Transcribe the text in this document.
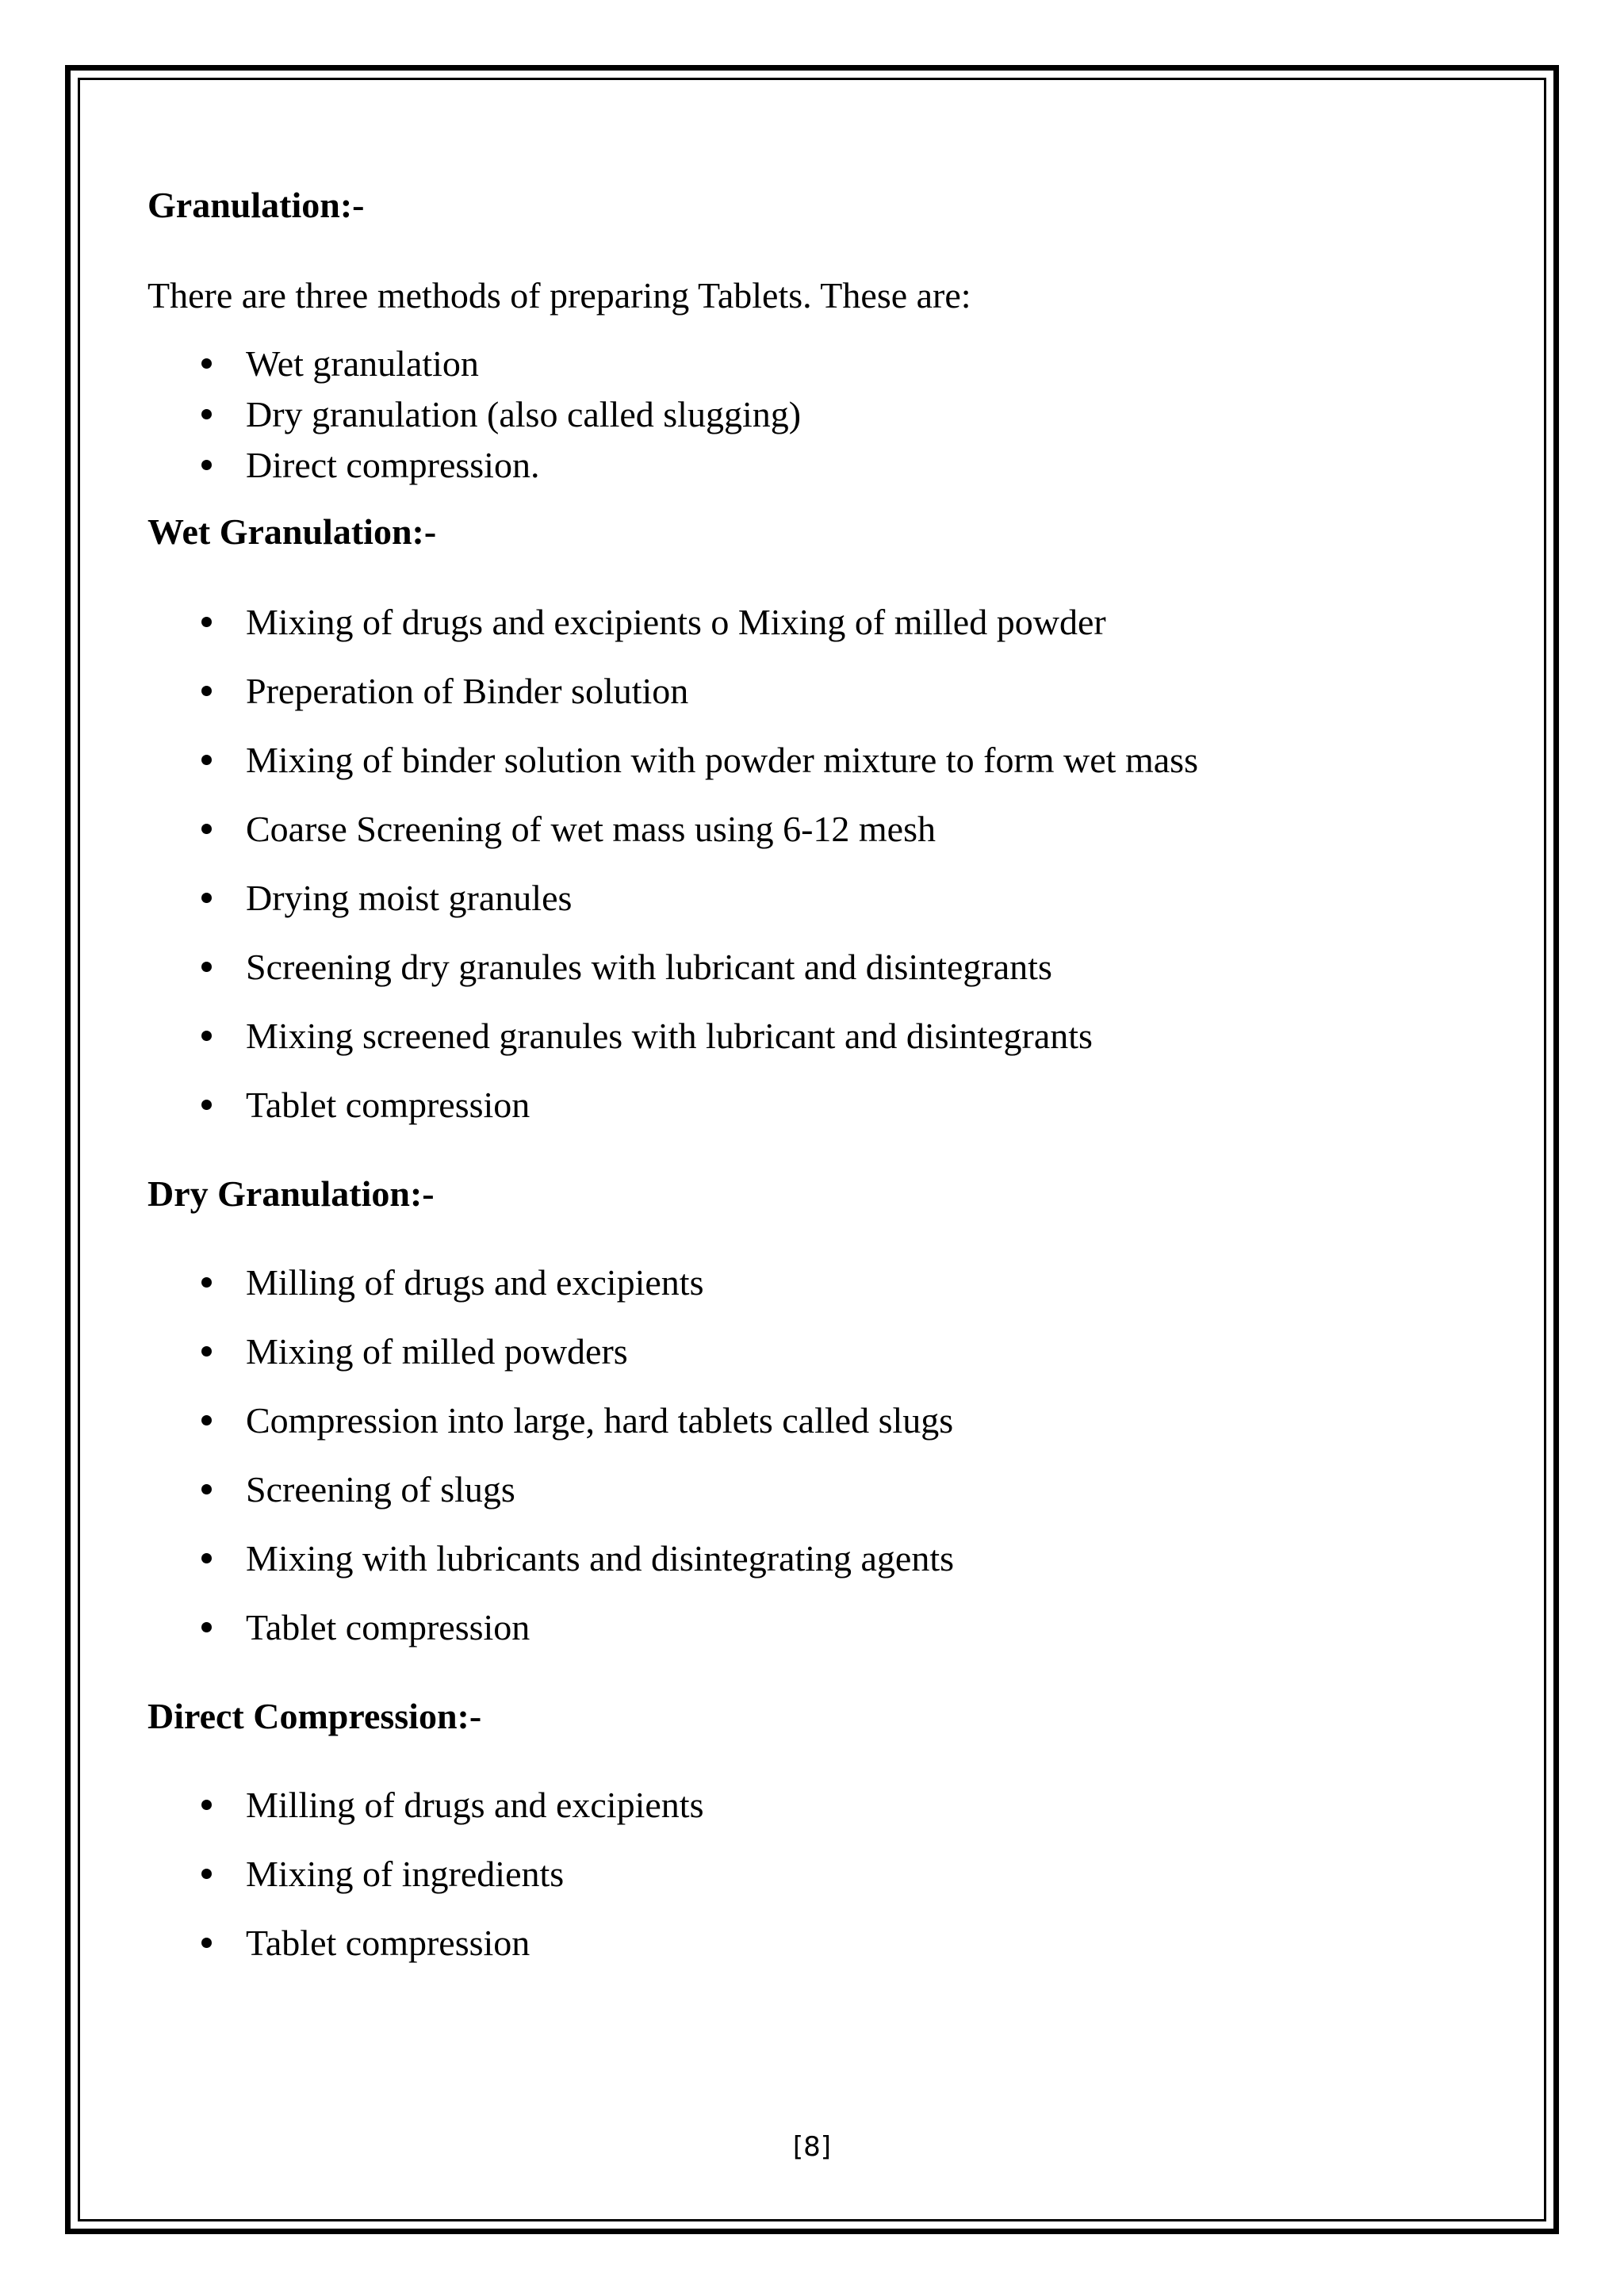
Granulation:-

There are three methods of preparing Tablets. These are:

Wet granulation
Dry granulation (also called slugging)
Direct compression.
Wet Granulation:-
Mixing of drugs and excipients o Mixing of milled powder
Preperation of Binder solution
Mixing of binder solution with powder mixture to form wet mass
Coarse Screening of wet mass using 6-12 mesh
Drying moist granules
Screening dry granules with lubricant and disintegrants
Mixing screened granules with lubricant and disintegrants
Tablet compression
Dry Granulation:-
Milling of drugs and excipients
Mixing of milled powders
Compression into large, hard tablets called slugs
Screening of slugs
Mixing with lubricants and disintegrating agents
Tablet compression
Direct Compression:-
Milling of drugs and excipients
Mixing of ingredients
Tablet compression
[8]
